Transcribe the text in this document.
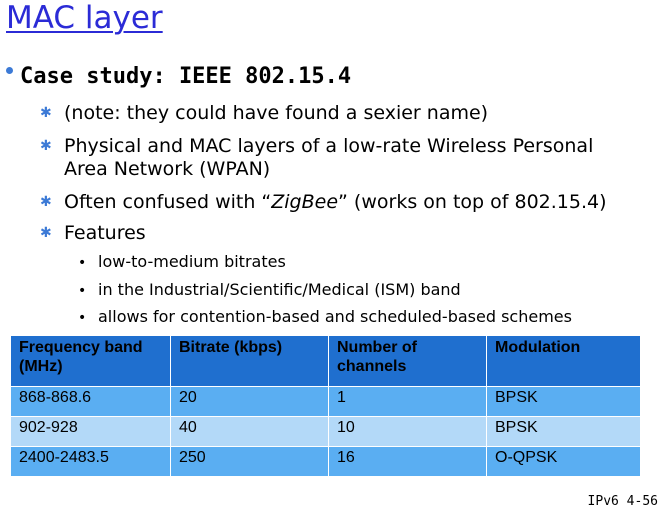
MAC layer
Case study: IEEE 802.15.4
✱ (note: they could have found a sexier name)
✱ Physical and MAC layers of a low-rate Wireless Personal
Area Network (WPAN)
✱ Often confused with “ZigBee” (works on top of 802.15.4)
✱ Features
• low-to-medium bitrates
• in the Industrial/Scientific/Medical (ISM) band
• allows for contention-based and scheduled-based schemes
Frequency band (MHz)	Bitrate (kbps)	Number of channels	Modulation
868-868.6	20	1	BPSK
902-928	40	10	BPSK
2400-2483.5	250	16	O-QPSK
IPv6 4-56
